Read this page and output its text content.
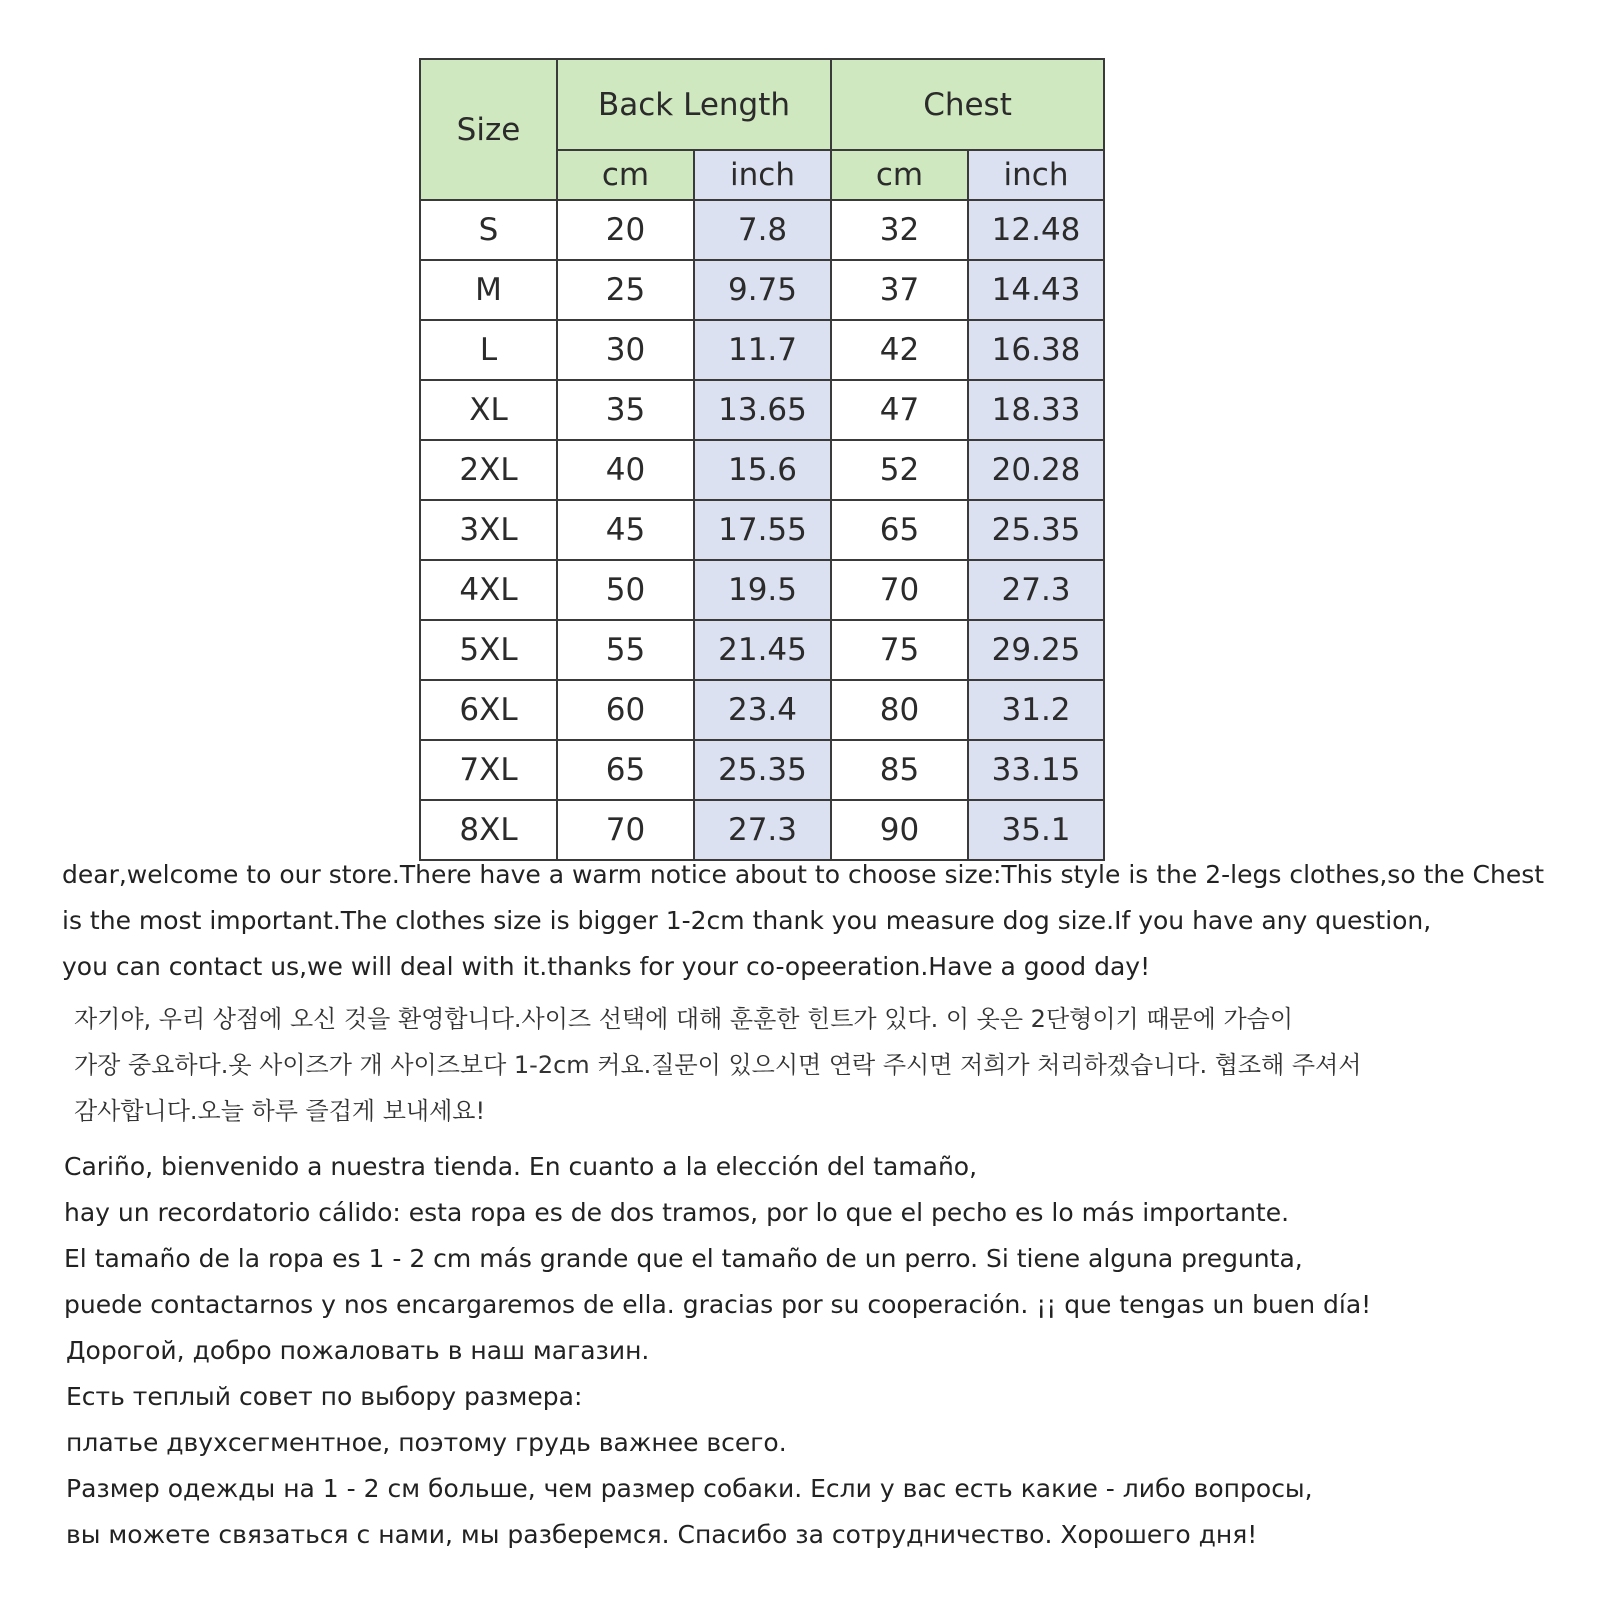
Size	Back Length		Chest	
	cm	inch	cm	inch
S	20	7.8	32	12.48
M	25	9.75	37	14.43
L	30	11.7	42	16.38
XL	35	13.65	47	18.33
2XL	40	15.6	52	20.28
3XL	45	17.55	65	25.35
4XL	50	19.5	70	27.3
5XL	55	21.45	75	29.25
6XL	60	23.4	80	31.2
7XL	65	25.35	85	33.15
8XL	70	27.3	90	35.1

dear,welcome to our store.There have a warm notice about to choose size:This style is the 2-legs clothes,so the Chest

is the most important.The clothes size is bigger 1-2cm thank you measure dog size.If you have any question,

you can contact us,we will deal with it.thanks for your co-opeeration.Have a good day!

자기야, 우리 상점에 오신 것을 환영합니다.사이즈 선택에 대해 훈훈한 힌트가 있다. 이 옷은 2단형이기 때문에 가슴이

가장 중요하다.옷 사이즈가 개 사이즈보다 1-2cm 커요.질문이 있으시면 연락 주시면 저희가 처리하겠습니다. 협조해 주셔서

감사합니다.오늘 하루 즐겁게 보내세요!

Cariño, bienvenido a nuestra tienda. En cuanto a la elección del tamaño,

hay un recordatorio cálido: esta ropa es de dos tramos, por lo que el pecho es lo más importante.

El tamaño de la ropa es 1 - 2 cm más grande que el tamaño de un perro. Si tiene alguna pregunta,

puede contactarnos y nos encargaremos de ella. gracias por su cooperación. ¡¡ que tengas un buen día!

Дорогой, добро пожаловать в наш магазин.

Есть теплый совет по выбору размера:

платье двухсегментное, поэтому грудь важнее всего.

Размер одежды на 1 - 2 см больше, чем размер собаки. Если у вас есть какие - либо вопросы,

вы можете связаться с нами, мы разберемся. Спасибо за сотрудничество. Хорошего дня!
